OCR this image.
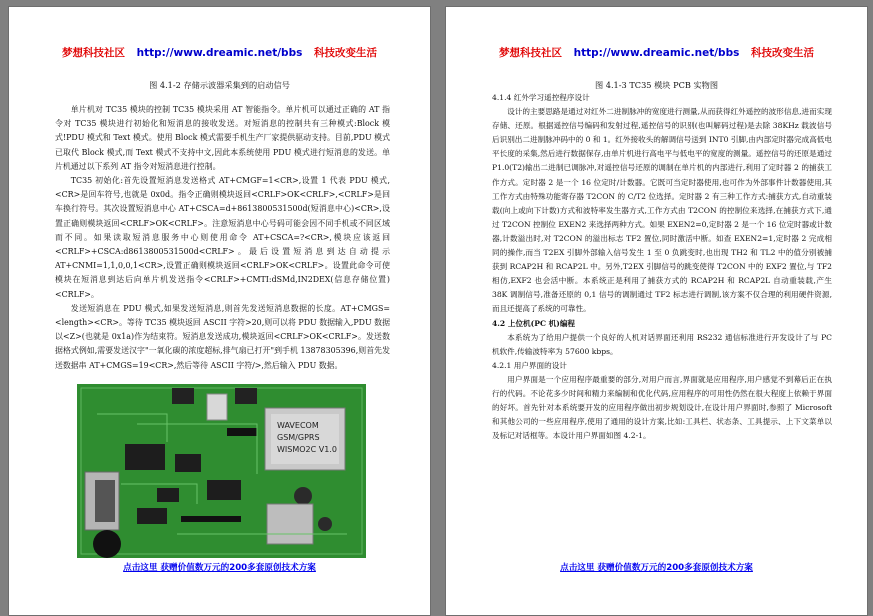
梦想科技社区 http://www.dreamic.net/bbs 科技改变生活
图 4.1-2 存储示波器采集到的启动信号

单片机对 TC35 模块的控制 TC35 模块采用 AT 智能指令。单片机可以通过正确的 AT 指令对 TC35 模块进行初始化和短消息的接收发送。对短消息的控制共有三种模式:Block 模式!PDU 模式和 Text 模式。使用 Block 模式需要手机生产厂家提供驱动支持。目前,PDU 模式已取代 Block 模式,而 Text 模式不支持中文,因此本系统使用 PDU 模式进行短消息的发送。单片机通过以下系列 AT 指令对短消息进行控制。

TC35 初始化:首先设置短消息发送格式 AT+CMGF=1<CR>,设置 1 代表 PDU 模式,<CR>是回车符号,也就是 0x0d。指令正确则模块返回<CRLF>OK<CRLF>,<CRLF>是回车换行符号。其次设置短消息中心 AT+CSCA=d+8613800531500d(短消息中心)<CR>,设置正确则模块返回<CRLF>OK<CRLF>。注意短消息中心号码可能会因不同手机或不同区域而不同。如果读取短消息服务中心则使用命令 AT+CSCA=?<CR>,模块应该返回<CRLF>+CSCA:d8613800531500d<CRLF>。最后设置短消息到达自动提示 AT+CNMI=1,1,0,0,1<CR>,设置正确则模块返回<CRLF>OK<CRLF>。设置此命令可使模块在短消息到达后向单片机发送指令<CRLF>+CMTI:dSMd,IN2DEX(信息存储位置)<CRLF>。

发送短消息在 PDU 模式,如果发送短消息,则首先发送短消息数据的长度。AT+CMGS=<length><CR>。等待 TC35 模块返回 ASCII 字符>20,则可以将 PDU 数据输入,PDU 数据以<Z>(也就是 0x1a)作为结束符。短消息发送成功,模块返回<CRLF>OK<CRLF>。发送数据格式例如,需要发送汉字"一氧化碳的浓度超标,排气扇已打开"到手机 13878305396,则首先发送数据串 AT+CMGS=19<CR>,然后等待 ASCII 字符/>,然后输入 PDU 数据。

WAVECOM
GSM/GPRS
WISMO2C V1.0
点击这里 获赠价值数万元的200多套原创技术方案
梦想科技社区 http://www.dreamic.net/bbs 科技改变生活
图 4.1-3 TC35 模块 PCB 实物图
4.1.4 红外学习遥控程序设计

设计的主要思路是通过对红外二进制脉冲的宽度进行测量,从而获得红外遥控的波形信息,进而实现存储、还原。根据遥控信号编码和发射过程,遥控信号的识别(也叫解码过程)是去除 38KHz 载波信号后识别出二进制脉冲码中的 0 和 1。红外接收头的解调信号送到 INT0 引脚,由内部定时器完成高低电平长度的采集,然后进行数据保存,由单片机进行高电平与低电平的宽度的测量。遥控信号的还原是通过 P1.0(T2)输出二进制已调脉冲,对遥控信号还原的调制在单片机的内部进行,利用了定时器 2 的捕获工作方式。定时器 2 是一个 16 位定时/计数器。它既可当定时器使用,也可作为外部事件计数器使用,其工作方式由特殊功能寄存器 T2CON 的 C/T2 位选择。定时器 2 有三种工作方式:捕获方式,自动重装载(向上或向下计数)方式和波特率发生器方式,工作方式由 T2CON 的控制位来选择,在捕获方式下,通过 T2CON 控制位 EXEN2 来选择两种方式。如果 EXEN2=0,定时器 2 是一个 16 位定时器或计数器,计数溢出时,对 T2CON 的溢出标志 TF2 置位,同时激活中断。如查 EXEN2=1,定时器 2 完成相同的操作,而当 T2EX 引脚外部输入信号发生 1 至 0 负跳变时,也出现 TH2 和 TL2 中的值分别被捕获到 RCAP2H 和 RCAP2L 中。另外,T2EX 引脚信号的跳变使得 T2CON 中的 EXF2 置位,与 TF2 相仿,EXF2 也会活中断。本系统正是利用了捕获方式的 RCAP2H 和 RCAP2L 自动重装载,产生 38K 调制信号,准备还原的 0,1 信号的调制通过 TF2 标志进行调制,该方案不仅合理的利用硬件资源,而且还提高了系统的可靠性。

4.2 上位机(PC 机)编程

本系统为了给用户提供一个良好的人机对话界面还利用 RS232 通信标准进行开发设计了与 PC 机软件,传输波特率为 57600 kbps。

4.2.1 用户界面的设计

用户界面是一个应用程序最重要的部分,对用户而言,界面就是应用程序,用户感觉不到幕后正在执行的代码。不论花多少时间和精力来编制和优化代码,应用程序的可用性仍然在很大程度上依赖于界面的好坏。首先针对本系统要开发的应用程序做出初步规划设计,在设计用户界面时,参照了 Microsoft 和其他公司的一些应用程序,使用了通用的设计方案,比如:工具栏、状态条、工具提示、上下文菜单以及标记对话框等。本设计用户界面如图 4.2-1。

点击这里 获赠价值数万元的200多套原创技术方案
